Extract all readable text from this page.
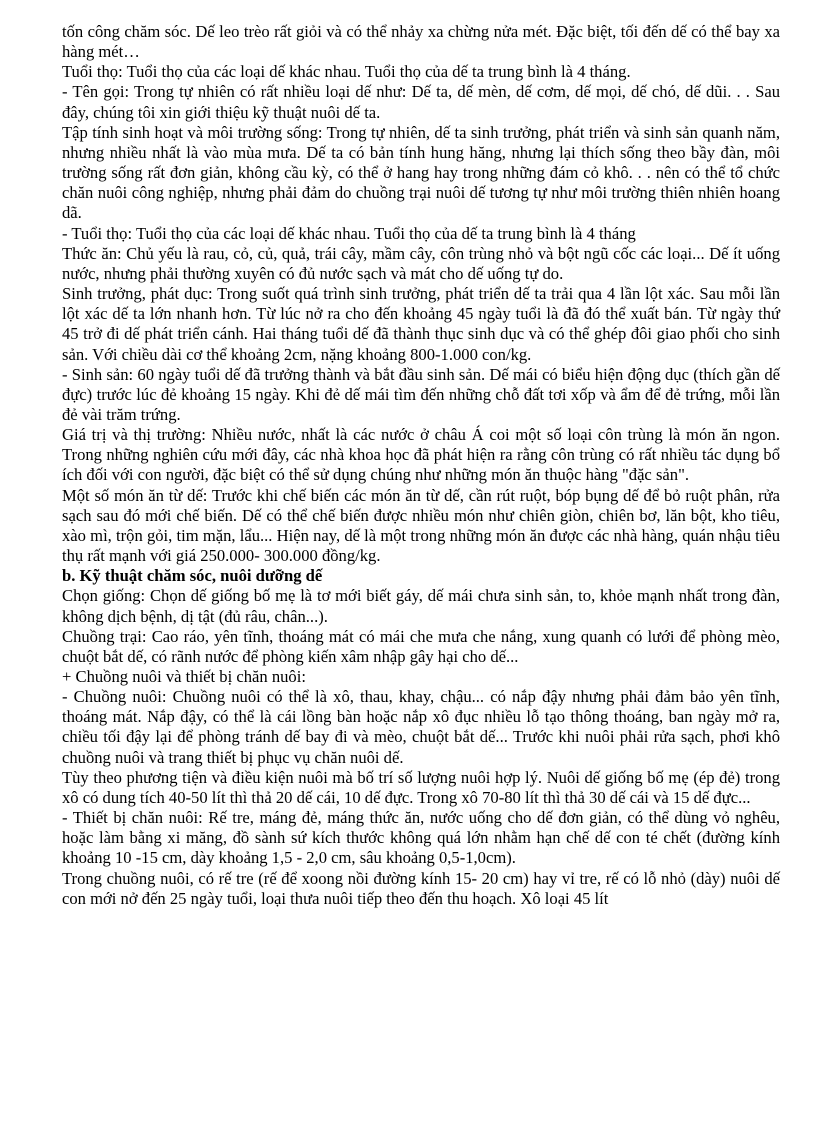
tốn công chăm sóc. Dế leo trèo rất giỏi và có thể nhảy xa chừng nửa mét. Đặc biệt, tối đến dế có thể bay xa hàng mét…

Tuổi thọ: Tuổi thọ của các loại dế khác nhau. Tuổi thọ của dế ta trung bình là 4 tháng.

- Tên gọi: Trong tự nhiên có rất nhiều loại dế như: Dế ta, dế mèn, dế cơm, dế mọi, dế chó, dế dũi. . . Sau đây, chúng tôi xin giới thiệu kỹ thuật nuôi dế ta.

Tập tính sinh hoạt và môi trường sống: Trong tự nhiên, dế ta sinh trưởng, phát triển và sinh sản quanh năm, nhưng nhiều nhất là vào mùa mưa. Dế ta có bản tính hung hăng, nhưng lại thích sống theo bầy đàn, môi trường sống rất đơn giản, không cầu kỳ, có thể ở hang hay trong những đám cỏ khô. . . nên có thể tổ chức chăn nuôi công nghiệp, nhưng phải đảm do chuồng trại nuôi dế tương tự như môi trường thiên nhiên hoang dã.

- Tuổi thọ: Tuổi thọ của các loại dế khác nhau. Tuổi thọ của dế ta trung bình là 4 tháng

Thức ăn: Chủ yếu là rau, cỏ, củ, quả, trái cây, mầm cây, côn trùng nhỏ và bột ngũ cốc các loại... Dế ít uống nước, nhưng phải thường xuyên có đủ nước sạch và mát cho dế uống tự do.

Sinh trưởng, phát dục: Trong suốt quá trình sinh trưởng, phát triển dế ta trải qua 4 lần lột xác. Sau mỗi lần lột xác dế ta lớn nhanh hơn. Từ lúc nở ra cho đến khoảng 45 ngày tuổi là đã đó thể xuất bán. Từ ngày thứ 45 trở đi dế phát triển cánh. Hai tháng tuổi dế đã thành thục sinh dục và có thể ghép đôi giao phối cho sinh sản. Với chiều dài cơ thể khoảng 2cm, nặng khoảng 800-1.000 con/kg.

- Sinh sản: 60 ngày tuổi dế đã trưởng thành và bắt đầu sinh sản. Dế mái có biểu hiện động dục (thích gần dế đực) trước lúc đẻ khoảng 15 ngày. Khi đẻ dế mái tìm đến những chỗ đất tơi xốp và ẩm để đẻ trứng, mỗi lần đẻ vài trăm trứng.

Giá trị và thị trường: Nhiều nước, nhất là các nước ở châu Á coi một số loại côn trùng là món ăn ngon. Trong những nghiên cứu mới đây, các nhà khoa học đã phát hiện ra rằng côn trùng có rất nhiều tác dụng bổ ích đối với con người, đặc biệt có thể sử dụng chúng như những món ăn thuộc hàng "đặc sản".

Một số món ăn từ dế: Trước khi chế biến các món ăn từ dế, cần rút ruột, bóp bụng dế để bỏ ruột phân, rửa sạch sau đó mới chế biến. Dế có thể chế biến được nhiều món như chiên giòn, chiên bơ, lăn bột, kho tiêu, xào mì, trộn gỏi, tim mặn, lẩu... Hiện nay, dế là một trong những món ăn được các nhà hàng, quán nhậu tiêu thụ rất mạnh với giá 250.000- 300.000 đồng/kg.

b. Kỹ thuật chăm sóc, nuôi dưỡng dế

Chọn giống: Chọn dế giống bố mẹ là tơ mới biết gáy, dế mái chưa sinh sản, to, khỏe mạnh nhất trong đàn, không dịch bệnh, dị tật (đủ râu, chân...).

Chuồng trại: Cao ráo, yên tĩnh, thoáng mát có mái che mưa che nắng, xung quanh có lưới để phòng mèo, chuột bắt dế, có rãnh nước để phòng kiến xâm nhập gây hại cho dế...

+ Chuồng nuôi và thiết bị chăn nuôi:

- Chuồng nuôi: Chuồng nuôi có thể là xô, thau, khay, chậu... có nắp đậy nhưng phải đảm bảo yên tĩnh, thoáng mát. Nắp đậy, có thể là cái lồng bàn hoặc nắp xô đục nhiều lỗ tạo thông thoáng, ban ngày mở ra, chiều tối đậy lại để phòng tránh dế bay đi và mèo, chuột bắt dế... Trước khi nuôi phải rửa sạch, phơi khô chuồng nuôi và trang thiết bị phục vụ chăn nuôi dế.

Tùy theo phương tiện và điều kiện nuôi mà bố trí số lượng nuôi hợp lý. Nuôi dế giống bố mẹ (ép đẻ) trong xô có dung tích 40-50 lít thì thả 20 dế cái, 10 dế đực. Trong xô 70-80 lít thì thả 30 dế cái và 15 dế đực...

- Thiết bị chăn nuôi: Rế tre, máng đẻ, máng thức ăn, nước uống cho dế đơn giản, có thể dùng vỏ nghêu, hoặc làm bằng xi măng, đồ sành sứ kích thước không quá lớn nhằm hạn chế dế con té chết (đường kính khoảng 10 -15 cm, dày khoảng 1,5 - 2,0 cm, sâu khoảng 0,5-1,0cm).

Trong chuồng nuôi, có rế tre (rế để xoong nồi đường kính 15- 20 cm) hay vỉ tre, rế có lỗ nhỏ (dày) nuôi dế con mới nở đến 25 ngày tuổi, loại thưa nuôi tiếp theo đến thu hoạch. Xô loại 45 lít
